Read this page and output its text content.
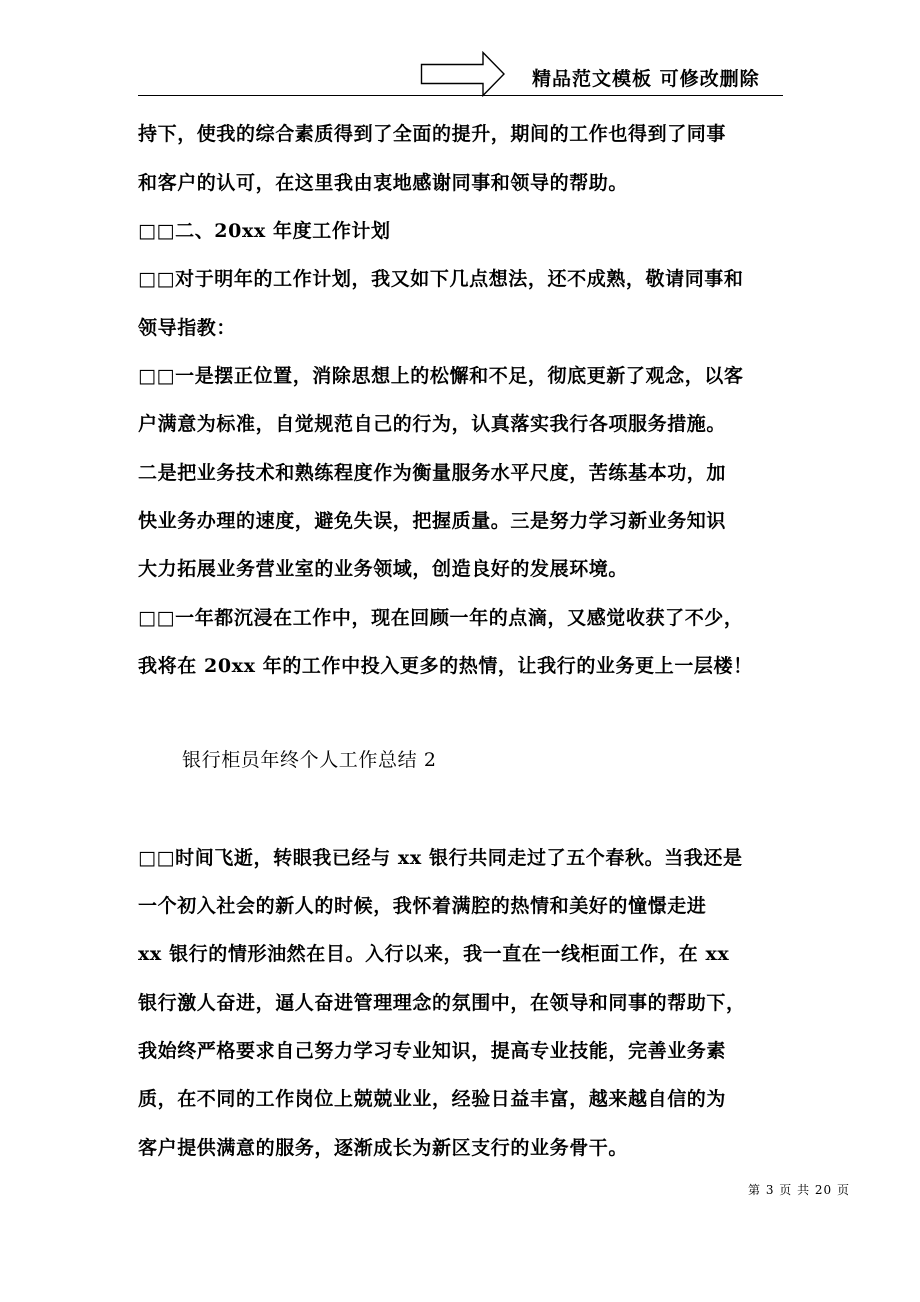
精品范文模板 可修改删除
持下，使我的综合素质得到了全面的提升，期间的工作也得到了同事
和客户的认可，在这里我由衷地感谢同事和领导的帮助。
□□二、20xx 年度工作计划
□□对于明年的工作计划，我又如下几点想法，还不成熟，敬请同事和
领导指教：
□□一是摆正位置，消除思想上的松懈和不足，彻底更新了观念，以客
户满意为标准，自觉规范自己的行为，认真落实我行各项服务措施。
二是把业务技术和熟练程度作为衡量服务水平尺度，苦练基本功，加
快业务办理的速度，避免失误，把握质量。三是努力学习新业务知识
大力拓展业务营业室的业务领域，创造良好的发展环境。
□□一年都沉浸在工作中，现在回顾一年的点滴，又感觉收获了不少，
我将在 20xx 年的工作中投入更多的热情，让我行的业务更上一层楼！
银行柜员年终个人工作总结 2
□□时间飞逝，转眼我已经与 xx 银行共同走过了五个春秋。当我还是
一个初入社会的新人的时候，我怀着满腔的热情和美好的憧憬走进
xx 银行的情形油然在目。入行以来，我一直在一线柜面工作，在 xx
银行激人奋进，逼人奋进管理理念的氛围中，在领导和同事的帮助下，
我始终严格要求自己努力学习专业知识，提高专业技能，完善业务素
质，在不同的工作岗位上兢兢业业，经验日益丰富，越来越自信的为
客户提供满意的服务，逐渐成长为新区支行的业务骨干。
第 3 页 共 20 页
